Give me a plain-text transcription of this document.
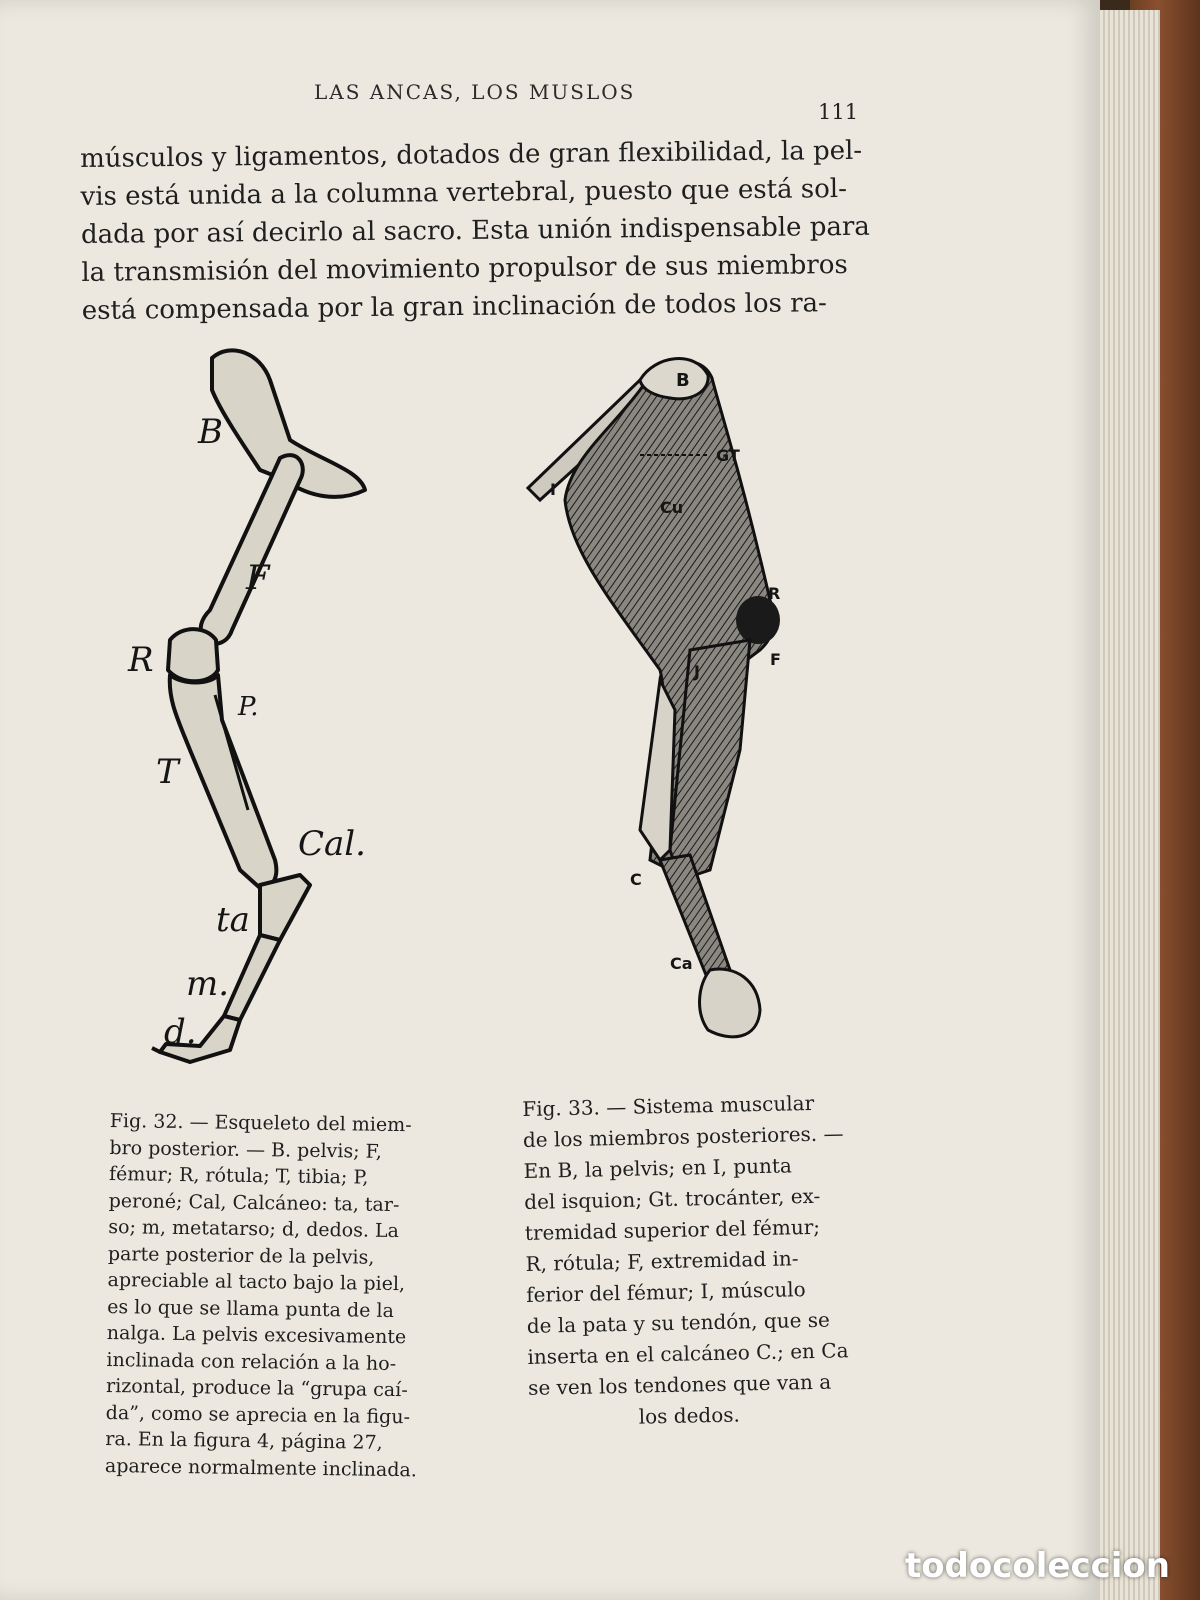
LAS ANCAS, LOS MUSLOS
111
músculos y ligamentos, dotados de gran flexibilidad, la pel-
vis está unida a la columna vertebral, puesto que está sol-
dada por así decirlo al sacro. Esta unión indispensable para
la transmisión del movimiento propulsor de sus miembros
está compensada por la gran inclinación de todos los ra-
B
F
R
P.
T
Cal.
ta
m.
d.
B
GT
I
Cu
R
J
F
C
Ca

Fig. 32. — Esqueleto del miem-

bro posterior. — B. pelvis; F,

fémur; R, rótula; T, tibia; P,

peroné; Cal, Calcáneo: ta, tar-

so; m, metatarso; d, dedos. La

parte posterior de la pelvis,

apreciable al tacto bajo la piel,

es lo que se llama punta de la

nalga. La pelvis excesivamente

inclinada con relación a la ho-

rizontal, produce la “grupa caí-

da”, como se aprecia en la figu-

ra. En la figura 4, página 27,

aparece normalmente inclinada.

Fig. 33. — Sistema muscular

de los miembros posteriores. —

En B, la pelvis; en I, punta

del isquion; Gt. trocánter, ex-

tremidad superior del fémur;

R, rótula; F, extremidad in-

ferior del fémur; I, músculo

de la pata y su tendón, que se

inserta en el calcáneo C.; en Ca

se ven los tendones que van a

los dedos.

todocoleccion
